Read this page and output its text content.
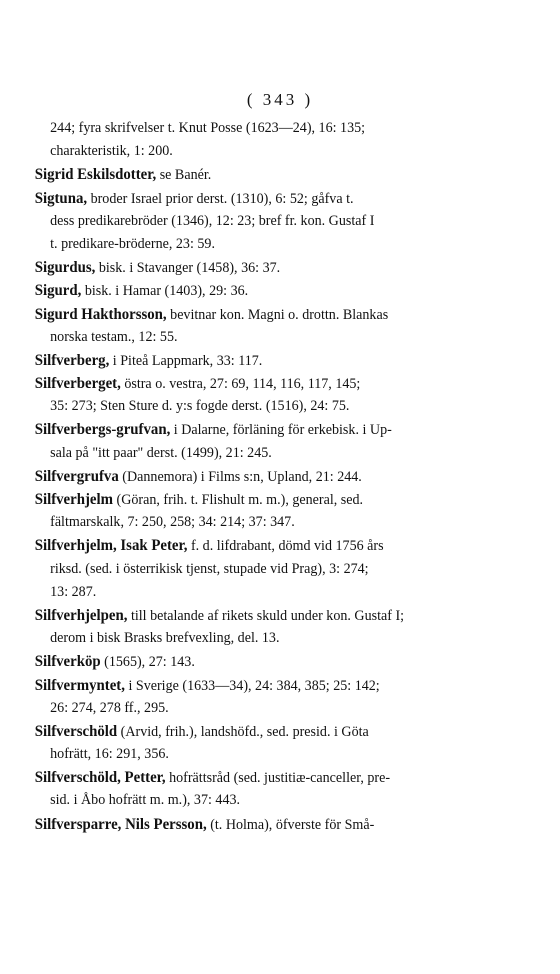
( 343 )
244; fyra skrifvelser t. Knut Posse (1623—24), 16: 135;
charakteristik, 1: 200.
Sigrid Eskilsdotter, se Banér.
Sigtuna, broder Israel prior derst. (1310), 6: 52; gåfva t.
dess predikarebröder (1346), 12: 23; bref fr. kon. Gustaf I
t. predikare-bröderne, 23: 59.
Sigurdus, bisk. i Stavanger (1458), 36: 37.
Sigurd, bisk. i Hamar (1403), 29: 36.
Sigurd Hakthorsson, bevitnar kon. Magni o. drottn. Blankas
norska testam., 12: 55.
Silfverberg, i Piteå Lappmark, 33: 117.
Silfverberget, östra o. vestra, 27: 69, 114, 116, 117, 145;
35: 273; Sten Sture d. y:s fogde derst. (1516), 24: 75.
Silfverbergs-grufvan, i Dalarne, förläning för erkebisk. i Up-
sala på "itt paar" derst. (1499), 21: 245.
Silfvergrufva (Dannemora) i Films s:n, Upland, 21: 244.
Silfverhjelm (Göran, frih. t. Flishult m. m.), general, sed.
fältmarskalk, 7: 250, 258; 34: 214; 37: 347.
Silfverhjelm, Isak Peter, f. d. lifdrabant, dömd vid 1756 års
riksd. (sed. i österrikisk tjenst, stupade vid Prag), 3: 274;
13: 287.
Silfverhjelpen, till betalande af rikets skuld under kon. Gustaf I;
derom i bisk Brasks brefvexling, del. 13.
Silfverköp (1565), 27: 143.
Silfvermyntet, i Sverige (1633—34), 24: 384, 385; 25: 142;
26: 274, 278 ff., 295.
Silfverschöld (Arvid, frih.), landshöfd., sed. presid. i Göta
hofrätt, 16: 291, 356.
Silfverschöld, Petter, hofrättsråd (sed. justitiæ-canceller, pre-
sid. i Åbo hofrätt m. m.), 37: 443.
Silfversparre, Nils Persson, (t. Holma), öfverste för Små-
